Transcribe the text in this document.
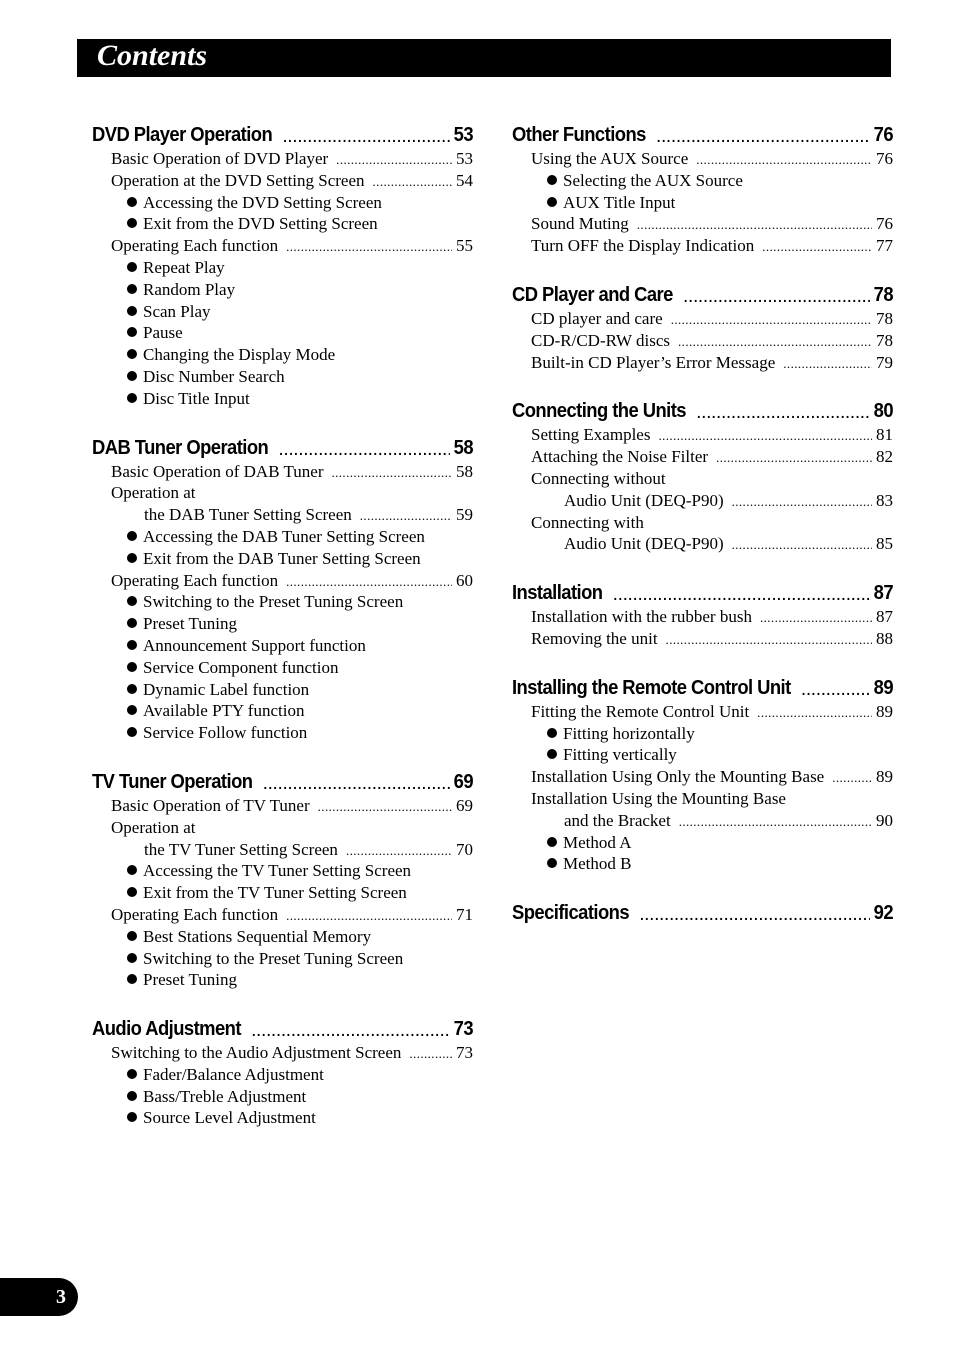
Contents
DVD Player Operation .....	53
Basic Operation of DVD Player .....	53
Operation at the DVD Setting Screen .....	54
Accessing the DVD Setting Screen
Exit from the DVD Setting Screen
Operating Each function .....	55
Repeat Play
Random Play
Scan Play
Pause
Changing the Display Mode
Disc Number Search
Disc Title Input
DAB Tuner Operation .....	58
Basic Operation of DAB Tuner .....	58
Operation at
the DAB Tuner Setting Screen .....	59
Accessing the DAB Tuner Setting Screen
Exit from the DAB Tuner Setting Screen
Operating Each function .....	60
Switching to the Preset Tuning Screen
Preset Tuning
Announcement Support function
Service Component function
Dynamic Label function
Available PTY function
Service Follow function
TV Tuner Operation .....	69
Basic Operation of TV Tuner .....	69
Operation at
the TV Tuner Setting Screen .....	70
Accessing the TV Tuner Setting Screen
Exit from the TV Tuner Setting Screen
Operating Each function .....	71
Best Stations Sequential Memory
Switching to the Preset Tuning Screen
Preset Tuning
Audio Adjustment .....	73
Switching to the Audio Adjustment Screen .....	73
Fader/Balance Adjustment
Bass/Treble Adjustment
Source Level Adjustment
Other Functions .....	76
Using the AUX Source .....	76
Selecting the AUX Source
AUX Title Input
Sound Muting .....	76
Turn OFF the Display Indication .....	77
CD Player and Care .....	78
CD player and care .....	78
CD-R/CD-RW discs .....	78
Built-in CD Player’s Error Message .....	79
Connecting the Units .....	80
Setting Examples .....	81
Attaching the Noise Filter .....	82
Connecting without
Audio Unit (DEQ-P90) .....	83
Connecting with
Audio Unit (DEQ-P90) .....	85
Installation .....	87
Installation with the rubber bush .....	87
Removing the unit .....	88
Installing the Remote Control Unit .....	89
Fitting the Remote Control Unit .....	89
Fitting horizontally
Fitting vertically
Installation Using Only the Mounting Base .....	89
Installation Using the Mounting Base
and the Bracket .....	90
Method A
Method B
Specifications .....	92
3
